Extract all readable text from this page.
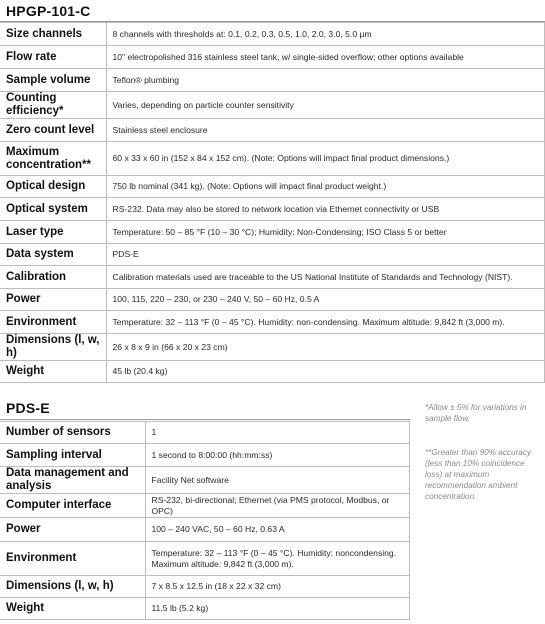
HPGP-101-C
Size channels	8 channels with thresholds at: 0.1, 0.2, 0.3, 0.5, 1.0, 2.0, 3.0, 5.0 μm
Flow rate	10" electropolished 316 stainless steel tank, w/ single-sided overflow; other options available
Sample volume	Teflon® plumbing
Counting efficiency*	Varies, depending on particle counter sensitivity
Zero count level	Stainless steel enclosure
Maximum concentration**	60 x 33 x 60 in (152 x 84 x 152 cm). (Note: Options will impact final product dimensions.)
Optical design	750 lb nominal (341 kg). (Note: Options will impact final product weight.)
Optical system	RS-232. Data may also be stored to network location via Ethernet connectivity or USB
Laser type	Temperature: 50 – 85 °F (10 – 30 °C); Humidity: Non-Condensing; ISO Class 5 or better
Data system	PDS-E
Calibration	Calibration materials used are traceable to the US National Institute of Standards and Technology (NIST).
Power	100, 115, 220 – 230, or 230 – 240 V, 50 – 60 Hz, 0.5 A
Environment	Temperature: 32 – 113 °F (0 – 45 °C). Humidity: non-condensing. Maximum altitude: 9,842 ft (3,000 m).
Dimensions (l, w, h)	26 x 8 x 9 in (66 x 20 x 23 cm)
Weight	45 lb (20.4 kg)
PDS-E
Number of sensors	1
Sampling interval	1 second to 8:00:00 (hh:mm:ss)
Data management and analysis	Facility Net software
Computer interface	RS-232, bi-directional; Ethernet (via PMS protocol, Modbus, or OPC)
Power	100 – 240 VAC, 50 – 60 Hz, 0.63 A
Environment	Temperature: 32 – 113 °F (0 – 45 °C). Humidity: noncondensing. Maximum altitude: 9,842 ft (3,000 m).
Dimensions (l, w, h)	7 x 8.5 x 12.5 in (18 x 22 x 32 cm)
Weight	11.5 lb (5.2 kg)
*Allow ± 5% for variations in sample flow.
**Greater than 90% accuracy (less than 10% coincidence loss) at maximum recommendation ambient concentration.
